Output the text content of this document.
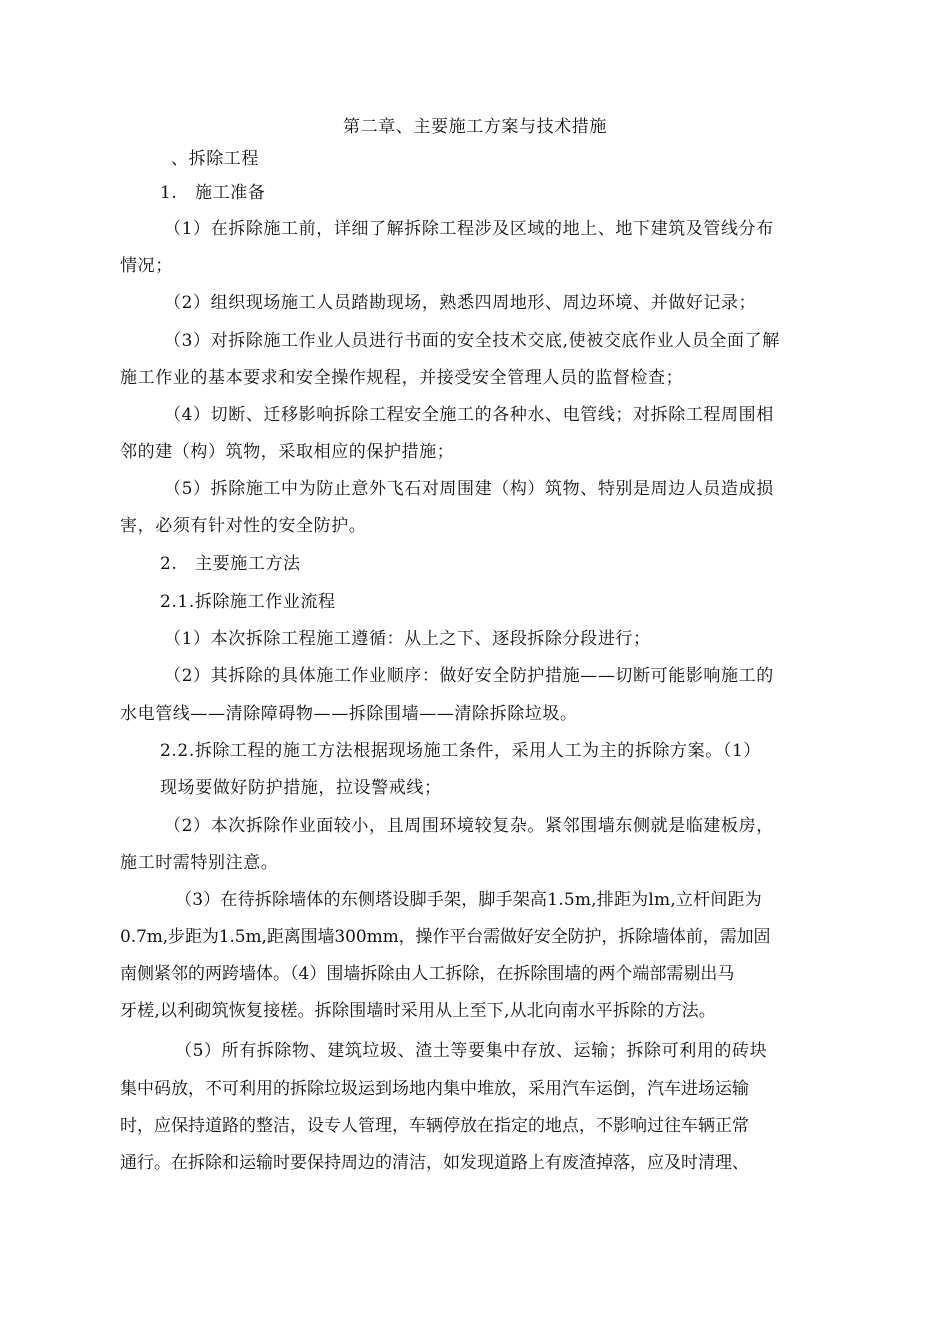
第二章、主要施工方案与技术措施
、拆除工程
1.　施工准备
（1）在拆除施工前，详细了解拆除工程涉及区域的地上、地下建筑及管线分布
情况；
（2）组织现场施工人员踏勘现场，熟悉四周地形、周边环境、并做好记录；
（3）对拆除施工作业人员进行书面的安全技术交底,使被交底作业人员全面了解
施工作业的基本要求和安全操作规程，并接受安全管理人员的监督检查；
（4）切断、迁移影响拆除工程安全施工的各种水、电管线；对拆除工程周围相
邻的建（构）筑物，采取相应的保护措施；
（5）拆除施工中为防止意外飞石对周围建（构）筑物、特别是周边人员造成损
害，必须有针对性的安全防护。
2.　主要施工方法
2.1.拆除施工作业流程
（1）本次拆除工程施工遵循：从上之下、逐段拆除分段进行；
（2）其拆除的具体施工作业顺序：做好安全防护措施——切断可能影响施工的
水电管线——清除障碍物——拆除围墙——清除拆除垃圾。
2.2.拆除工程的施工方法根据现场施工条件，采用人工为主的拆除方案。（1）
现场要做好防护措施，拉设警戒线；
（2）本次拆除作业面较小，且周围环境较复杂。紧邻围墙东侧就是临建板房，
施工时需特别注意。
（3）在待拆除墙体的东侧塔设脚手架，脚手架高1.5m,排距为lm,立杆间距为
0.7m,步距为1.5m,距离围墙300mm，操作平台需做好安全防护，拆除墙体前，需加固
南侧紧邻的两跨墙体。（4）围墙拆除由人工拆除，在拆除围墙的两个端部需剔出马
牙槎,以利砌筑恢复接槎。拆除围墙时采用从上至下,从北向南水平拆除的方法。
（5）所有拆除物、建筑垃圾、渣土等要集中存放、运输；拆除可利用的砖块
集中码放，不可利用的拆除垃圾运到场地内集中堆放，采用汽车运倒，汽车进场运输
时，应保持道路的整洁，设专人管理，车辆停放在指定的地点，不影响过往车辆正常
通行。在拆除和运输时要保持周边的清洁，如发现道路上有废渣掉落，应及时清理、
